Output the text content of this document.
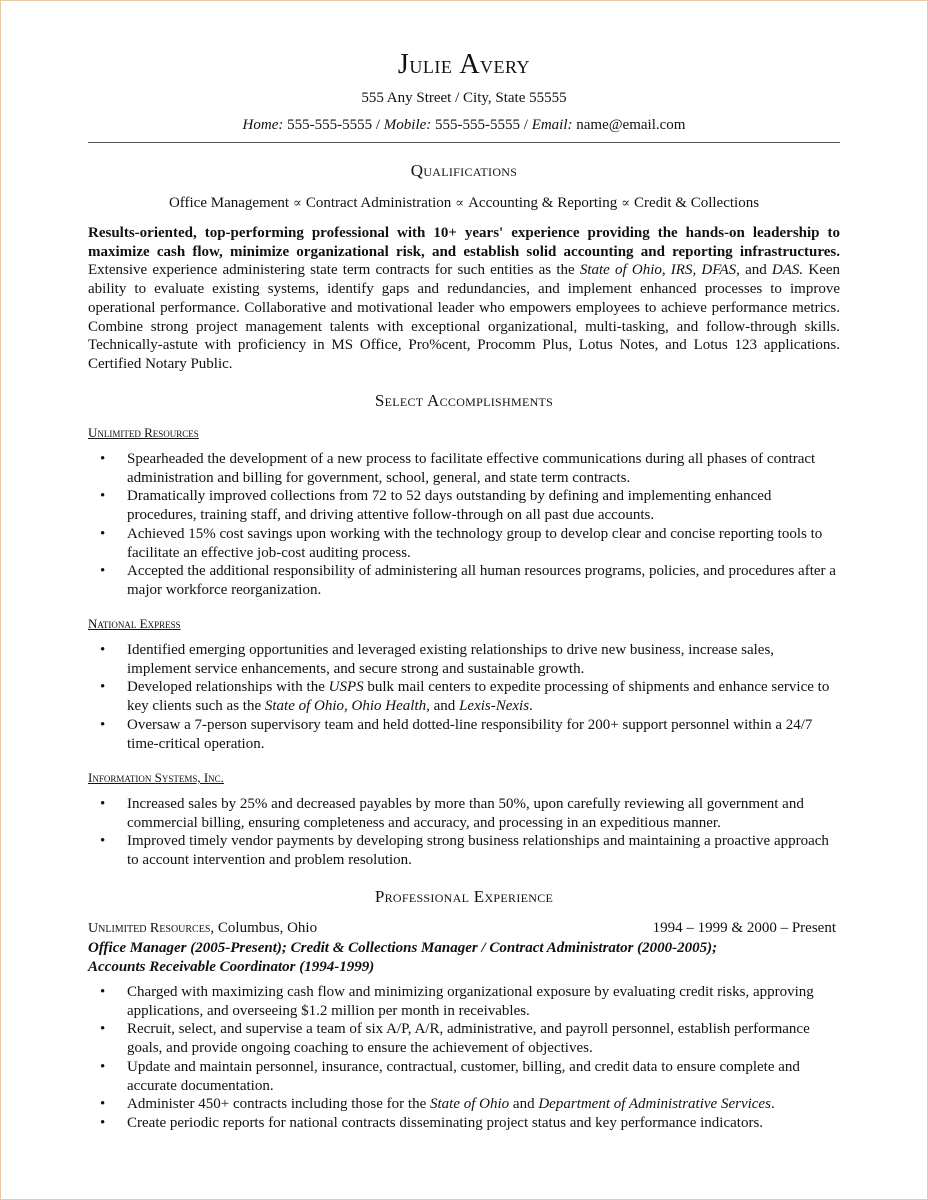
Julie Avery
555 Any Street / City, State 55555
Home: 555-555-5555 / Mobile: 555-555-5555 / Email: name@email.com
Qualifications
Office Management ∝ Contract Administration ∝ Accounting & Reporting ∝ Credit & Collections
Results-oriented, top-performing professional with 10+ years' experience providing the hands-on leadership to maximize cash flow, minimize organizational risk, and establish solid accounting and reporting infrastructures. Extensive experience administering state term contracts for such entities as the State of Ohio, IRS, DFAS, and DAS. Keen ability to evaluate existing systems, identify gaps and redundancies, and implement enhanced processes to improve operational performance. Collaborative and motivational leader who empowers employees to achieve performance metrics. Combine strong project management talents with exceptional organizational, multi-tasking, and follow-through skills. Technically-astute with proficiency in MS Office, Pro%cent, Procomm Plus, Lotus Notes, and Lotus 123 applications. Certified Notary Public.
Select Accomplishments
Unlimited Resources
• Spearheaded the development of a new process to facilitate effective communications during all phases of contract administration and billing for government, school, general, and state term contracts.
• Dramatically improved collections from 72 to 52 days outstanding by defining and implementing enhanced procedures, training staff, and driving attentive follow-through on all past due accounts.
• Achieved 15% cost savings upon working with the technology group to develop clear and concise reporting tools to facilitate an effective job-cost auditing process.
• Accepted the additional responsibility of administering all human resources programs, policies, and procedures after a major workforce reorganization.
National Express
• Identified emerging opportunities and leveraged existing relationships to drive new business, increase sales, implement service enhancements, and secure strong and sustainable growth.
• Developed relationships with the USPS bulk mail centers to expedite processing of shipments and enhance service to key clients such as the State of Ohio, Ohio Health, and Lexis-Nexis.
• Oversaw a 7-person supervisory team and held dotted-line responsibility for 200+ support personnel within a 24/7 time-critical operation.
Information Systems, Inc.
• Increased sales by 25% and decreased payables by more than 50%, upon carefully reviewing all government and commercial billing, ensuring completeness and accuracy, and processing in an expeditious manner.
• Improved timely vendor payments by developing strong business relationships and maintaining a proactive approach to account intervention and problem resolution.
Professional Experience
Unlimited Resources, Columbus, Ohio	1994 – 1999 & 2000 – Present
Office Manager (2005-Present); Credit & Collections Manager / Contract Administrator (2000-2005);
Accounts Receivable Coordinator (1994-1999)
• Charged with maximizing cash flow and minimizing organizational exposure by evaluating credit risks, approving applications, and overseeing $1.2 million per month in receivables.
• Recruit, select, and supervise a team of six A/P, A/R, administrative, and payroll personnel, establish performance goals, and provide ongoing coaching to ensure the achievement of objectives.
• Update and maintain personnel, insurance, contractual, customer, billing, and credit data to ensure complete and accurate documentation.
• Administer 450+ contracts including those for the State of Ohio and Department of Administrative Services.
• Create periodic reports for national contracts disseminating project status and key performance indicators.
